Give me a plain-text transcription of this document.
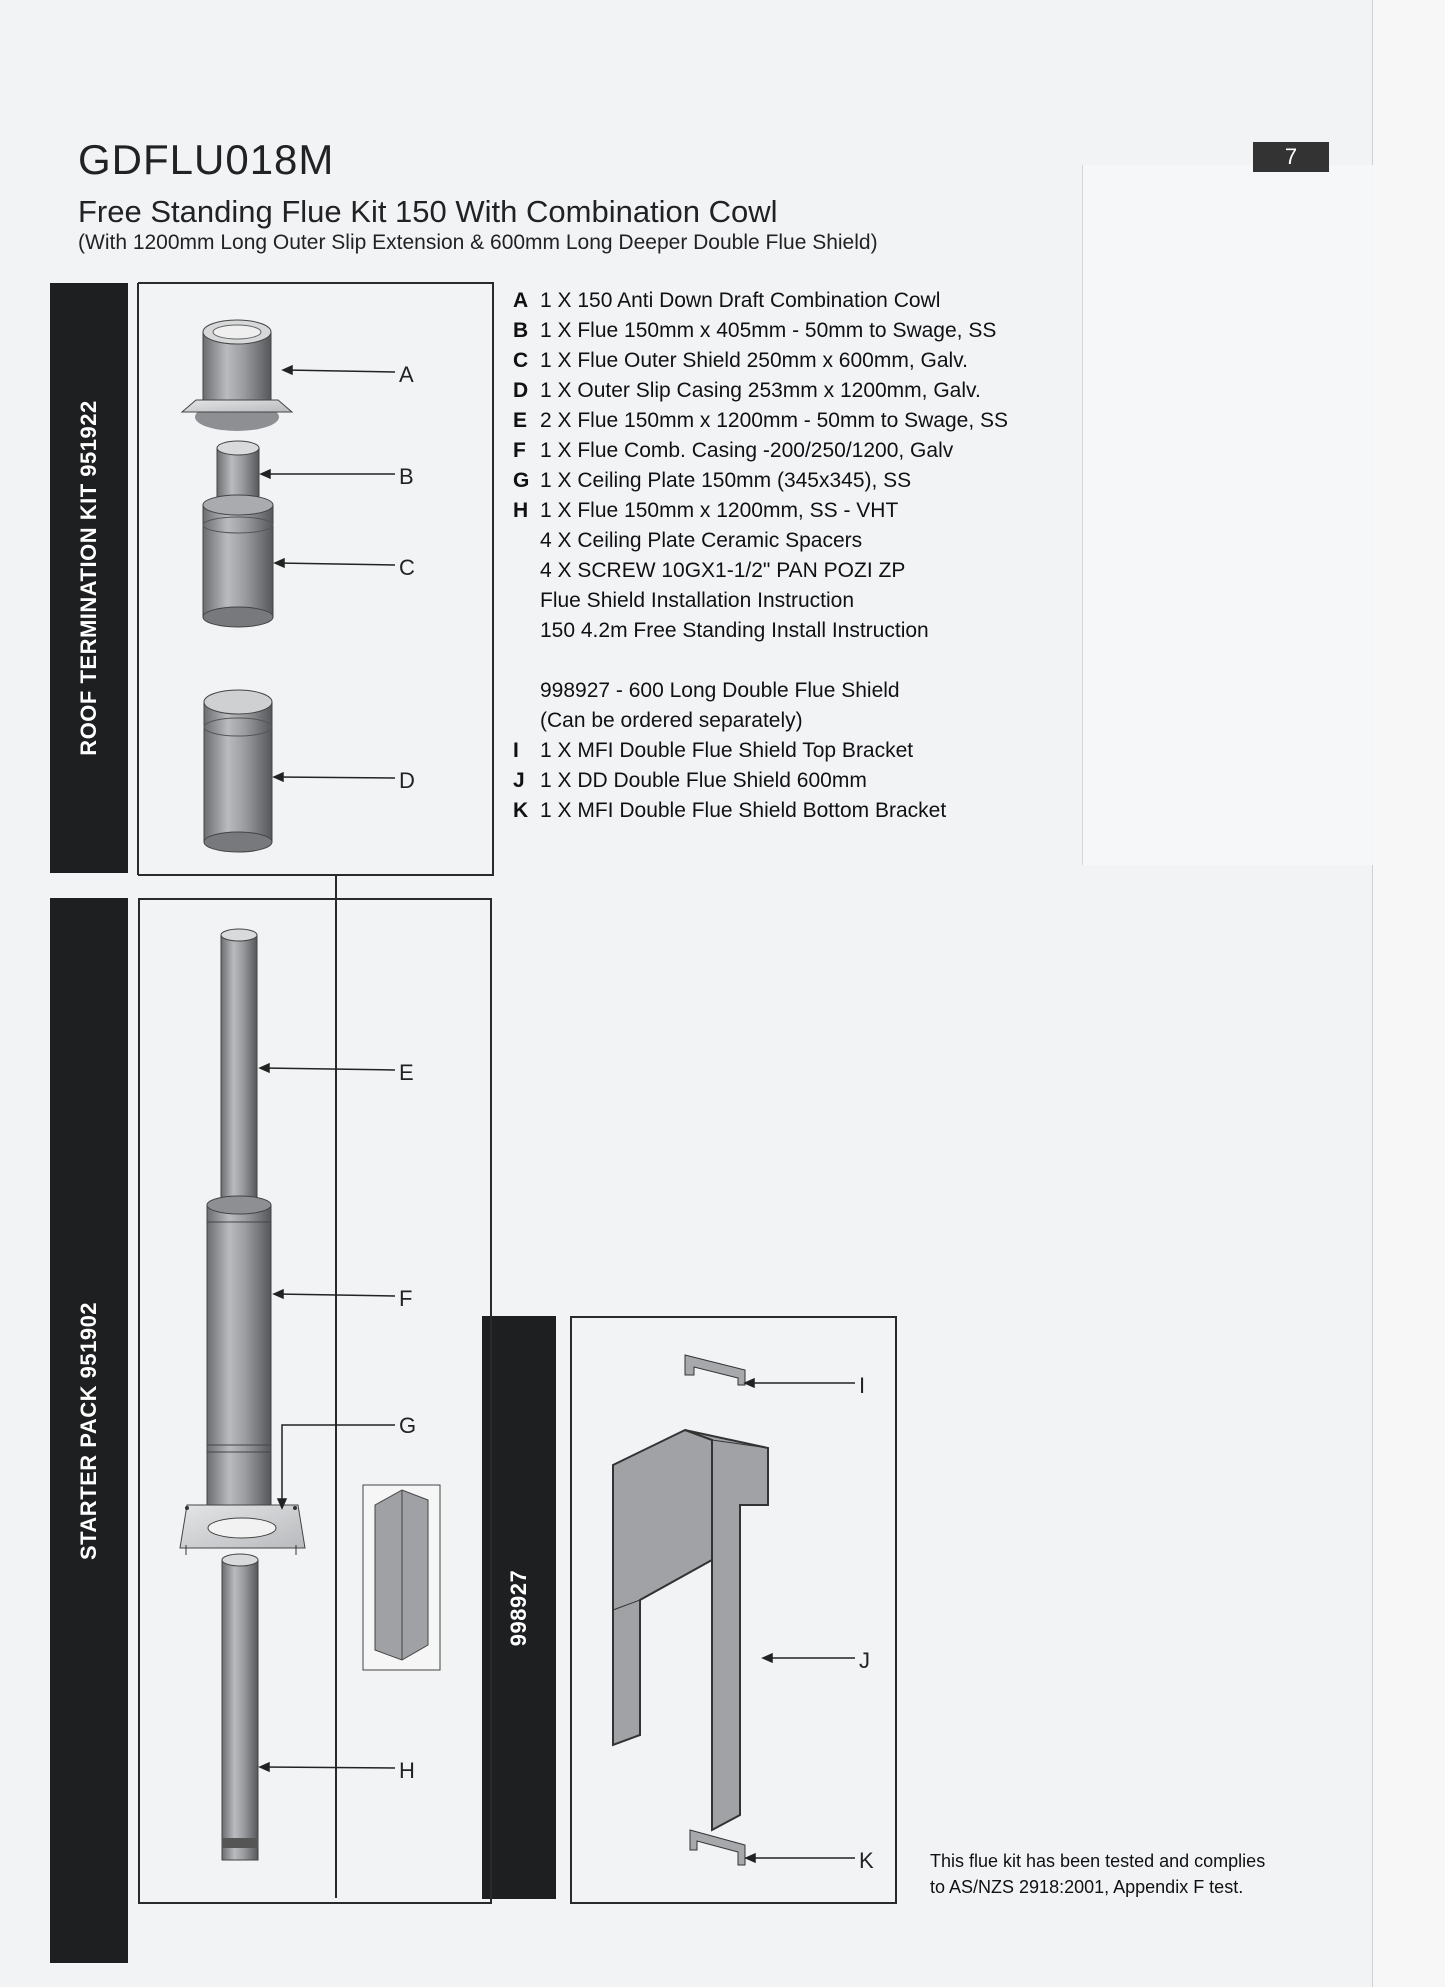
7
GDFLU018M
Free Standing Flue Kit 150 With Combination Cowl
(With 1200mm Long Outer Slip Extension & 600mm Long Deeper Double Flue Shield)
ROOF TERMINATION KIT 951922
STARTER PACK 951902
998927
A
B
C
D
E
F
G
H
I
J
K
A 1 X 150 Anti Down Draft Combination Cowl
B 1 X Flue 150mm x 405mm - 50mm to Swage, SS
C 1 X Flue Outer Shield 250mm x 600mm, Galv.
D 1 X Outer Slip Casing 253mm x 1200mm, Galv.
E 2 X Flue 150mm x 1200mm - 50mm to Swage, SS
F 1 X Flue Comb. Casing -200/250/1200, Galv
G 1 X Ceiling Plate 150mm (345x345), SS
H 1 X Flue 150mm x 1200mm, SS - VHT
4 X Ceiling Plate Ceramic Spacers
4 X SCREW 10GX1-1/2" PAN POZI ZP
Flue Shield Installation Instruction
150 4.2m Free Standing Install Instruction
998927 - 600 Long Double Flue Shield
(Can be ordered separately)
I 1 X MFI Double Flue Shield Top Bracket
J 1 X DD Double Flue Shield 600mm
K 1 X MFI Double Flue Shield Bottom Bracket
This flue kit has been tested and complies
to AS/NZS 2918:2001, Appendix F test.
